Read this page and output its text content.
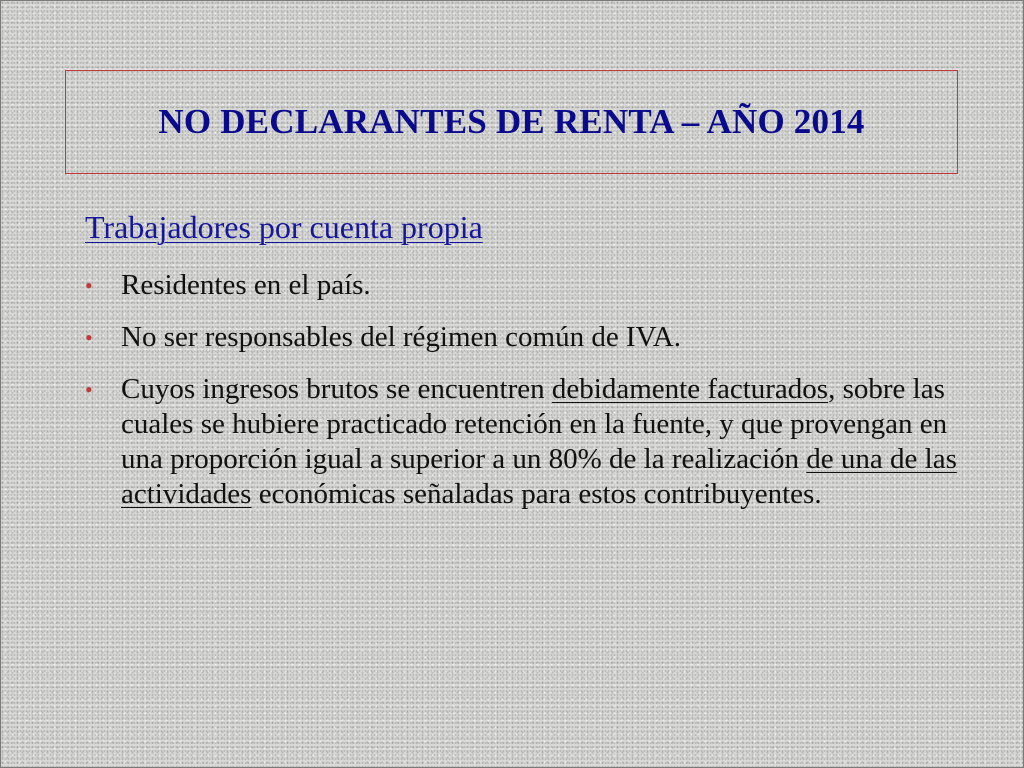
NO DECLARANTES DE RENTA – AÑO 2014
Trabajadores por cuenta propia
• Residentes en el país.
• No ser responsables del régimen común de IVA.
• Cuyos ingresos brutos se encuentren debidamente facturados, sobre las cuales se hubiere practicado retención en la fuente, y que provengan en una proporción igual a superior a un 80% de la realización de una de las actividades económicas señaladas para estos contribuyentes.
